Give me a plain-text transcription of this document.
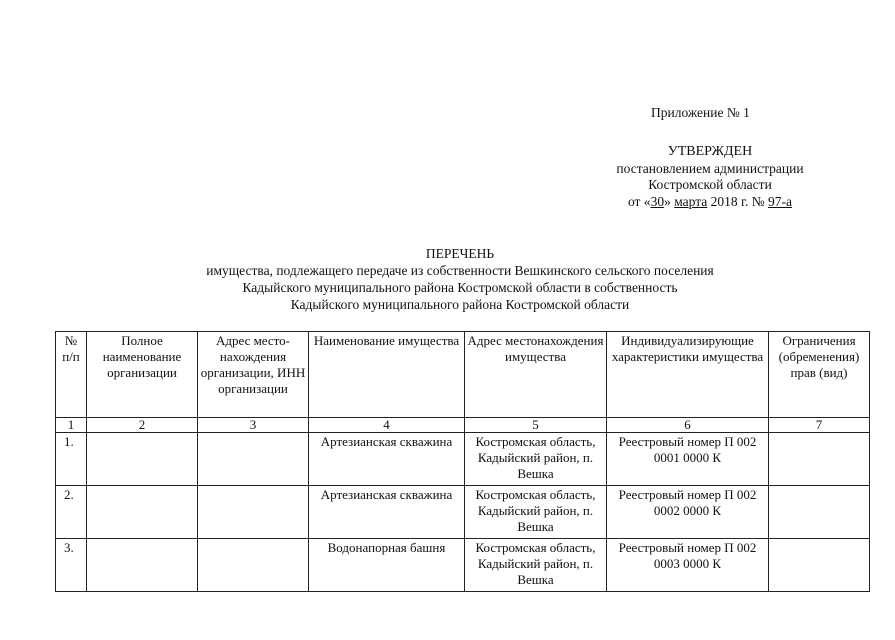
Приложение № 1
УТВЕРЖДЕН
постановлением администрации
Костромской области
от «30» марта 2018 г. № 97-а
ПЕРЕЧЕНЬ
имущества, подлежащего передаче из собственности Вешкинского сельского поселения
Кадыйского муниципального района Костромской области в собственность
Кадыйского муниципального района Костромской области
№ п/п	Полное наименование организации	Адрес место-нахождения организации, ИНН организации	Наименование имущества	Адрес местонахождения имущества	Индивидуализирующие характеристики имущества	Ограничения (обременения) прав (вид)
1	2	3	4	5	6	7
1.			Артезианская скважина	Костромская область, Кадыйский район, п. Вешка	Реестровый номер П 002 0001 0000 К	
2.			Артезианская скважина	Костромская область, Кадыйский район, п. Вешка	Реестровый номер П 002 0002 0000 К	
3.			Водонапорная башня	Костромская область, Кадыйский район, п. Вешка	Реестровый номер П 002 0003 0000 К	
